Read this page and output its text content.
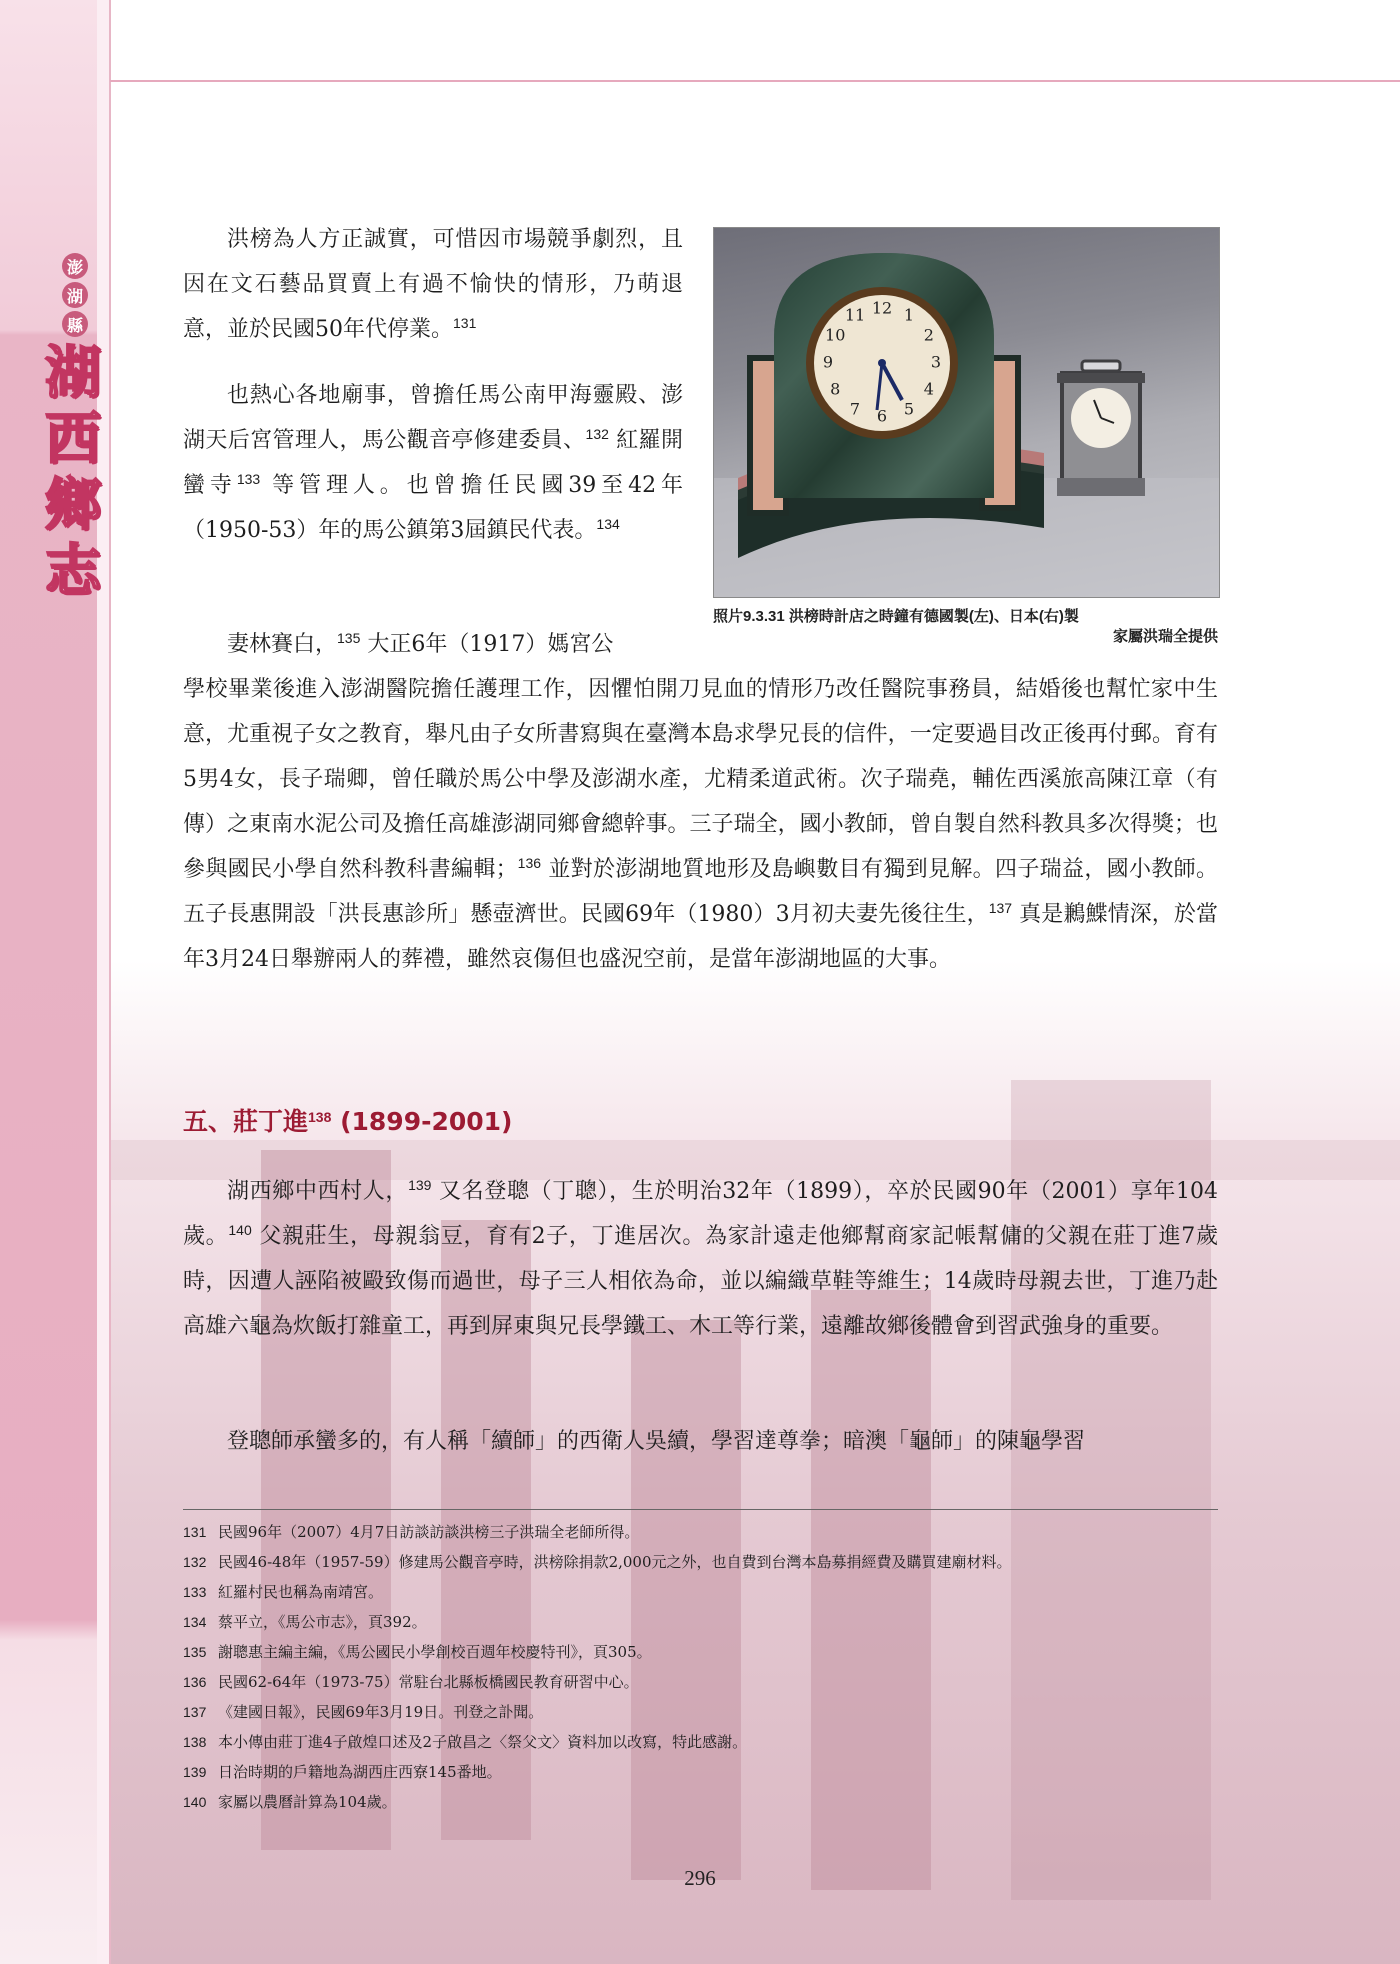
澎
湖
縣
湖
西
鄉
志

洪榜為人方正誠實，可惜因市場競爭劇烈，且因在文石藝品買賣上有過不愉快的情形，乃萌退意，並於民國50年代停業。$^{131}$

也熱心各地廟事，曾擔任馬公南甲海靈殿、澎湖天后宮管理人，馬公觀音亭修建委員、$^{132}$ 紅羅開蠻寺$^{133}$ 等管理人。也曾擔任民國39至42年（1950-53）年的馬公鎮第3屆鎮民代表。$^{134}$

妻林賽白，$^{135}$ 大正6年（1917）媽宮公

學校畢業後進入澎湖醫院擔任護理工作，因懼怕開刀見血的情形乃改任醫院事務員，結婚後也幫忙家中生意，尤重視子女之教育，舉凡由子女所書寫與在臺灣本島求學兄長的信件，一定要過目改正後再付郵。育有5男4女，長子瑞卿，曾任職於馬公中學及澎湖水產，尤精柔道武術。次子瑞堯，輔佐西溪旅高陳江章（有傳）之東南水泥公司及擔任高雄澎湖同鄉會總幹事。三子瑞全，國小教師，曾自製自然科教具多次得獎；也參與國民小學自然科教科書編輯；$^{136}$ 並對於澎湖地質地形及島嶼數目有獨到見解。四子瑞益，國小教師。五子長惠開設「洪長惠診所」懸壺濟世。民國69年（1980）3月初夫妻先後往生，$^{137}$ 真是鶼鰈情深，於當年3月24日舉辦兩人的葬禮，雖然哀傷但也盛況空前，是當年澎湖地區的大事。

五、莊丁進$^{138}$ (1899-2001)

湖西鄉中西村人，$^{139}$ 又名登聰（丁聰），生於明治32年（1899），卒於民國90年（2001）享年104歲。$^{140}$ 父親莊生，母親翁豆，育有2子，丁進居次。為家計遠走他鄉幫商家記帳幫傭的父親在莊丁進7歲時，因遭人誣陷被毆致傷而過世，母子三人相依為命，並以編織草鞋等維生；14歲時母親去世，丁進乃赴高雄六龜為炊飯打雜童工，再到屏東與兄長學鐵工、木工等行業，遠離故鄉後體會到習武強身的重要。

登聰師承蠻多的，有人稱「續師」的西衛人吳續，學習達尊拳；暗澳「龜師」的陳龜學習

12 1
2
3
4
5
6
7
8
9
10
11
照片9.3.31 洪榜時計店之時鐘有德國製(左)、日本(右)製

家屬洪瑞全提供
131 民國96年（2007）4月7日訪談訪談洪榜三子洪瑞全老師所得。
132 民國46-48年（1957-59）修建馬公觀音亭時，洪榜除捐款2,000元之外，也自費到台灣本島募捐經費及購買建廟材料。
133 紅羅村民也稱為南靖宮。
134 蔡平立，《馬公市志》，頁392。
135 謝聰惠主編主編，《馬公國民小學創校百週年校慶特刊》，頁305。
136 民國62-64年（1973-75）常駐台北縣板橋國民教育研習中心。
137 《建國日報》，民國69年3月19日。刊登之訃聞。
138 本小傳由莊丁進4子啟煌口述及2子啟昌之〈祭父文〉資料加以改寫，特此感謝。
139 日治時期的戶籍地為湖西庄西寮145番地。
140 家屬以農曆計算為104歲。
296
